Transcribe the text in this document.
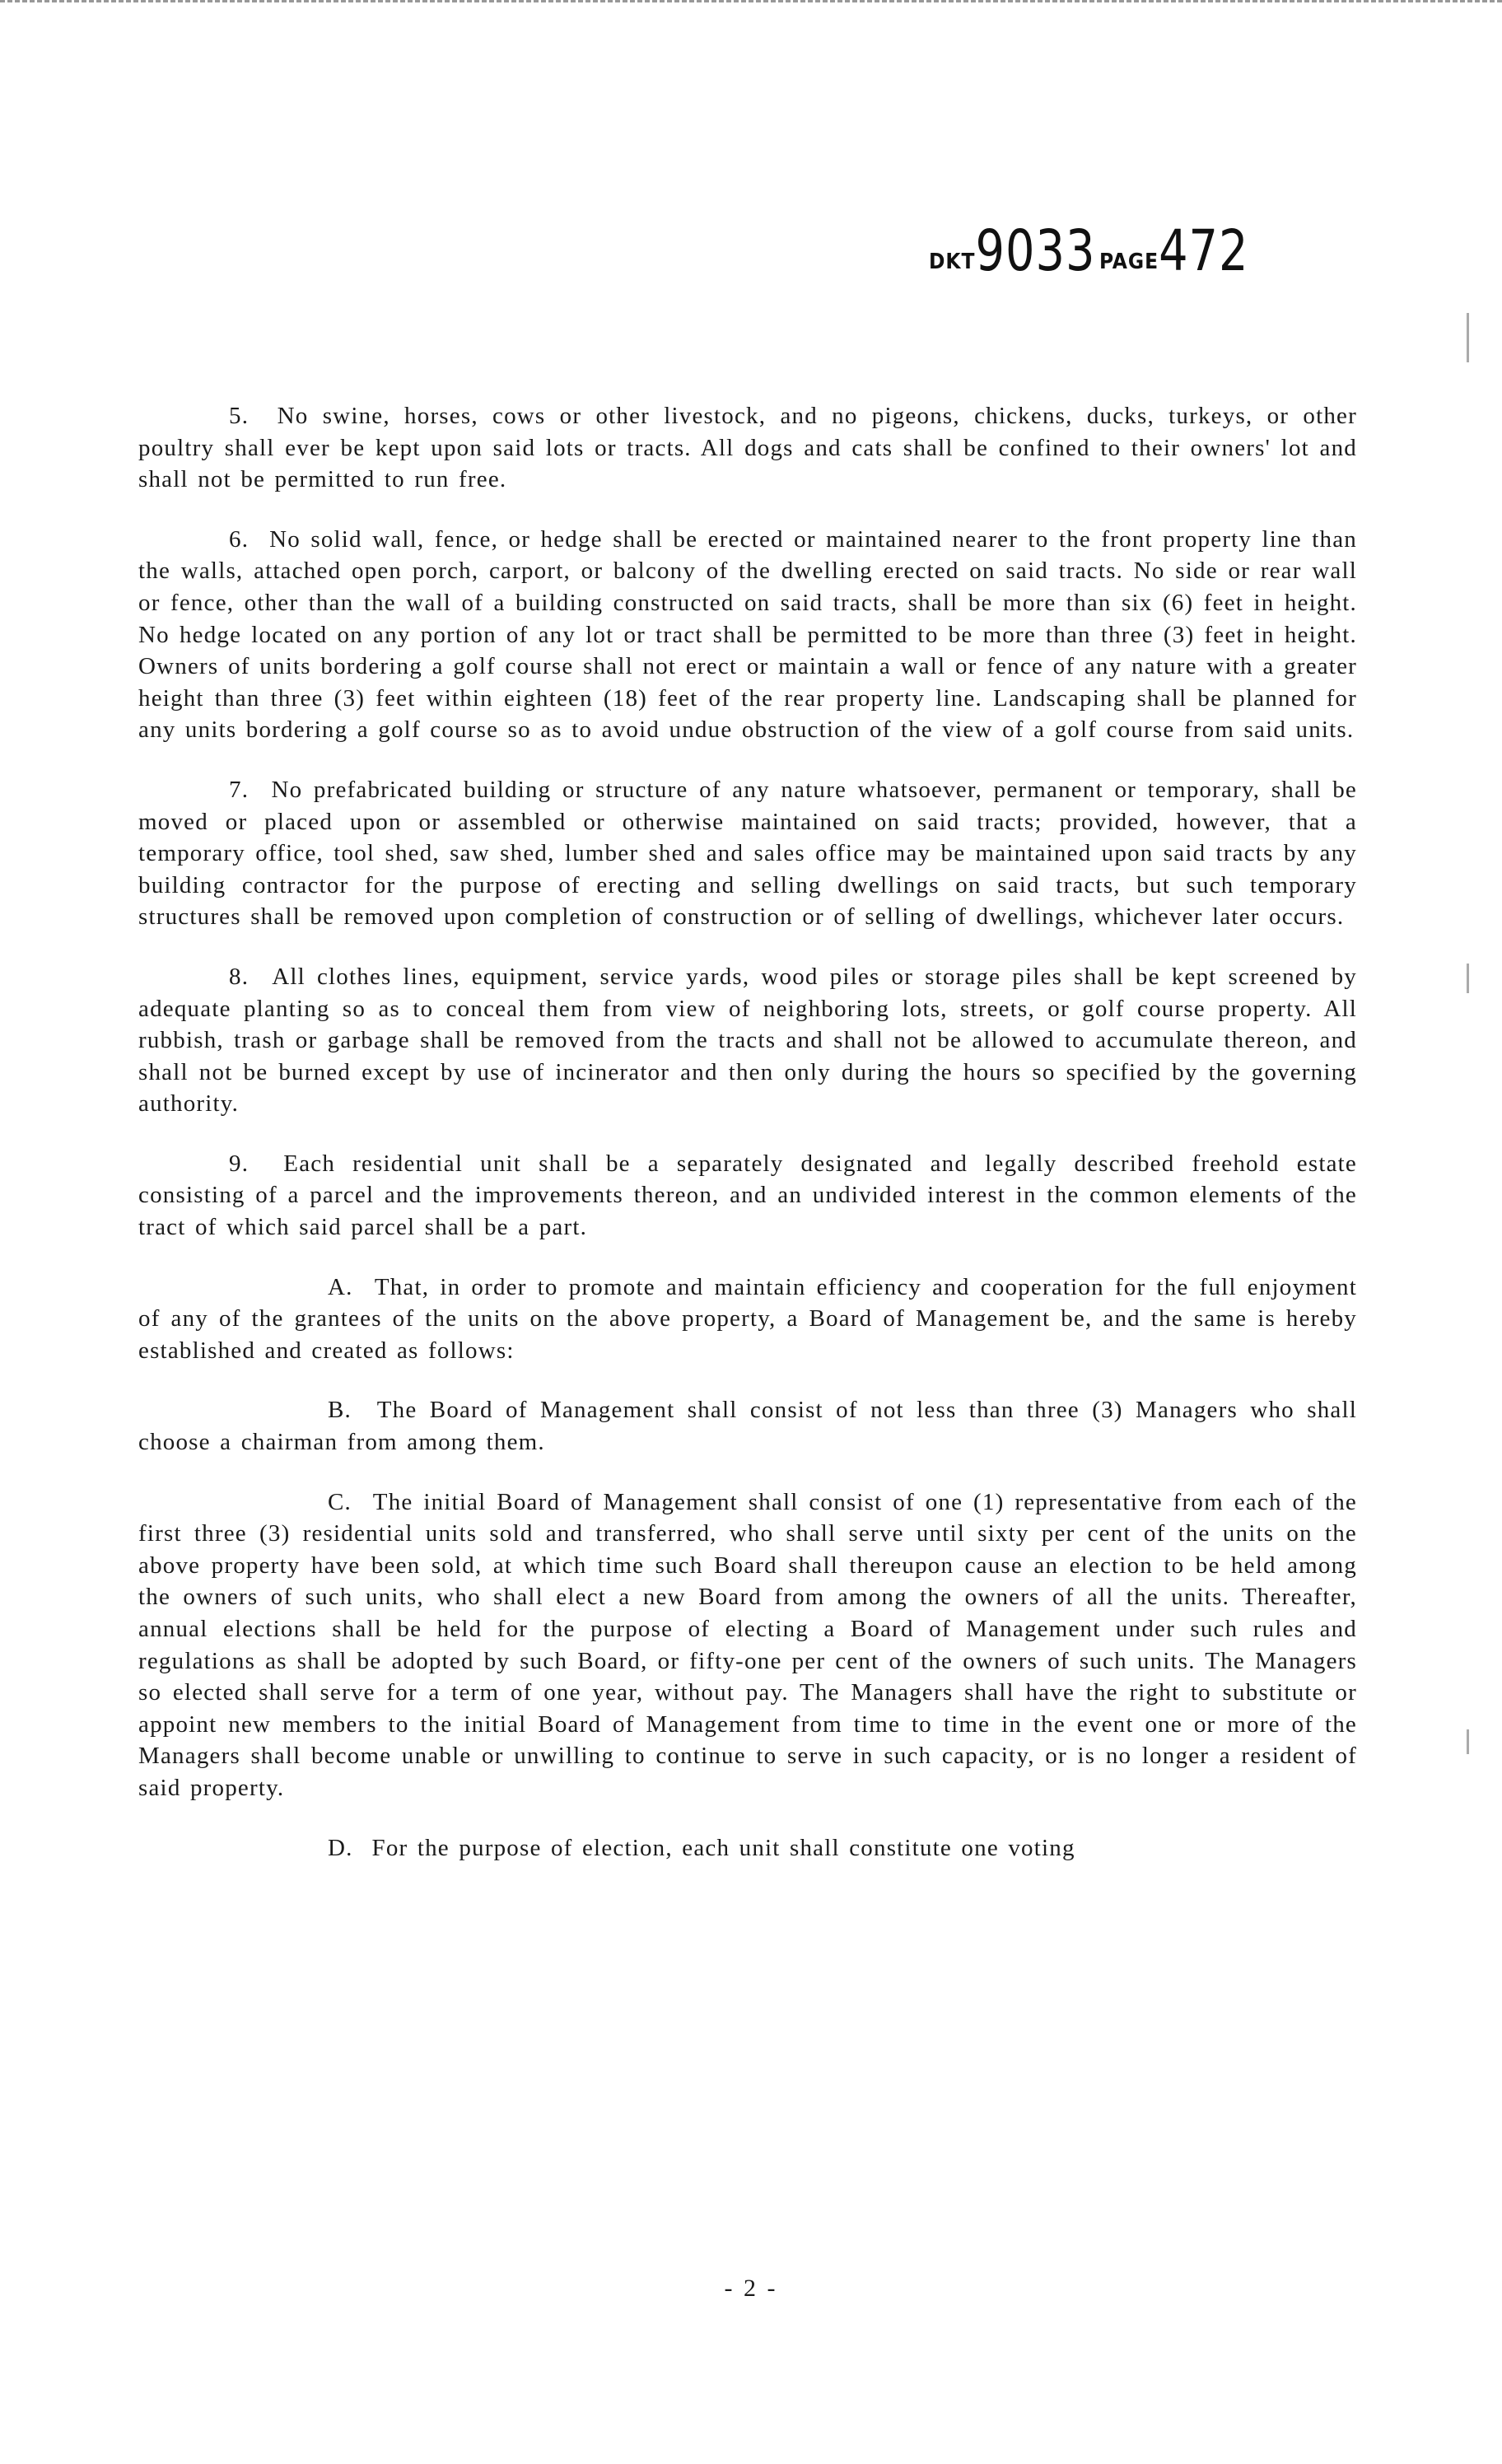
DKT9033 PAGE472

5. No swine, horses, cows or other livestock, and no pigeons, chickens, ducks, turkeys, or other poultry shall ever be kept upon said lots or tracts. All dogs and cats shall be confined to their owners' lot and shall not be permitted to run free.

6. No solid wall, fence, or hedge shall be erected or maintained nearer to the front property line than the walls, attached open porch, carport, or balcony of the dwelling erected on said tracts. No side or rear wall or fence, other than the wall of a building constructed on said tracts, shall be more than six (6) feet in height. No hedge located on any portion of any lot or tract shall be permitted to be more than three (3) feet in height. Owners of units bordering a golf course shall not erect or maintain a wall or fence of any nature with a greater height than three (3) feet within eighteen (18) feet of the rear property line. Landscaping shall be planned for any units bordering a golf course so as to avoid undue obstruction of the view of a golf course from said units.

7. No prefabricated building or structure of any nature whatsoever, permanent or temporary, shall be moved or placed upon or assembled or otherwise maintained on said tracts; provided, however, that a temporary office, tool shed, saw shed, lumber shed and sales office may be maintained upon said tracts by any building contractor for the purpose of erecting and selling dwellings on said tracts, but such temporary structures shall be removed upon completion of construction or of selling of dwellings, whichever later occurs.

8. All clothes lines, equipment, service yards, wood piles or storage piles shall be kept screened by adequate planting so as to conceal them from view of neighboring lots, streets, or golf course property. All rubbish, trash or garbage shall be removed from the tracts and shall not be allowed to accumulate thereon, and shall not be burned except by use of incinerator and then only during the hours so specified by the governing authority.

9. Each residential unit shall be a separately designated and legally described freehold estate consisting of a parcel and the improvements thereon, and an undivided interest in the common elements of the tract of which said parcel shall be a part.

A. That, in order to promote and maintain efficiency and cooperation for the full enjoyment of any of the grantees of the units on the above property, a Board of Management be, and the same is hereby established and created as follows:

B. The Board of Management shall consist of not less than three (3) Managers who shall choose a chairman from among them.

C. The initial Board of Management shall consist of one (1) representative from each of the first three (3) residential units sold and transferred, who shall serve until sixty per cent of the units on the above property have been sold, at which time such Board shall thereupon cause an election to be held among the owners of such units, who shall elect a new Board from among the owners of all the units. Thereafter, annual elections shall be held for the purpose of electing a Board of Management under such rules and regulations as shall be adopted by such Board, or fifty-one per cent of the owners of such units. The Managers so elected shall serve for a term of one year, without pay. The Managers shall have the right to substitute or appoint new members to the initial Board of Management from time to time in the event one or more of the Managers shall become unable or unwilling to continue to serve in such capacity, or is no longer a resident of said property.

D. For the purpose of election, each unit shall constitute one voting

- 2 -
